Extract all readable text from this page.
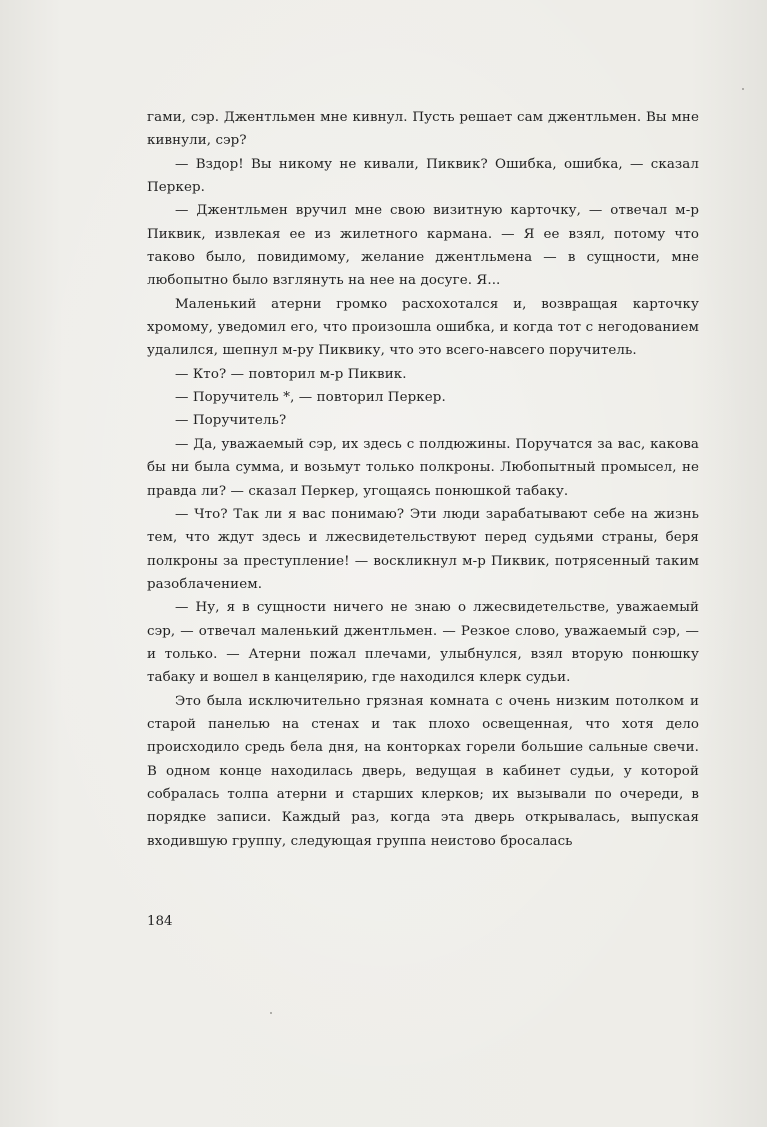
гами, сэр. Джентльмен мне кивнул. Пусть решает сам джентльмен. Вы мне кивнули, сэр?

— Вздор! Вы никому не кивали, Пиквик? Ошибка, ошибка, — сказал Перкер.

— Джентльмен вручил мне свою визитную карточку, — отвечал м-р Пиквик, извлекая ее из жилетного кармана. — Я ее взял, потому что таково было, повидимому, желание джентльмена — в сущности, мне любопытно было взглянуть на нее на досуге. Я...

Маленький атерни громко расхохотался и, возвращая карточку хромому, уведомил его, что произошла ошибка, и когда тот с негодованием удалился, шепнул м-ру Пиквику, что это всего-навсего поручитель.

— Кто? — повторил м-р Пиквик.

— Поручитель *, — повторил Перкер.

— Поручитель?

— Да, уважаемый сэр, их здесь с полдюжины. Поручатся за вас, какова бы ни была сумма, и возьмут только полкроны. Любопытный промысел, не правда ли? — сказал Перкер, угощаясь понюшкой табаку.

— Что? Так ли я вас понимаю? Эти люди зарабатывают себе на жизнь тем, что ждут здесь и лжесвидетельствуют перед судьями страны, беря полкроны за преступление! — воскликнул м-р Пиквик, потрясенный таким разоблачением.

— Ну, я в сущности ничего не знаю о лжесвидетельстве, уважаемый сэр, — отвечал маленький джентльмен. — Резкое слово, уважаемый сэр, — и только. — Атерни пожал плечами, улыбнулся, взял вторую понюшку табаку и вошел в канцелярию, где находился клерк судьи.

Это была исключительно грязная комната с очень низким потолком и старой панелью на стенах и так плохо освещенная, что хотя дело происходило средь бела дня, на конторках горели большие сальные свечи. В одном конце находилась дверь, ведущая в кабинет судьи, у которой собралась толпа атерни и старших клерков; их вызывали по очереди, в порядке записи. Каждый раз, когда эта дверь открывалась, выпуская входившую группу, следующая группа неистово бросалась

184
